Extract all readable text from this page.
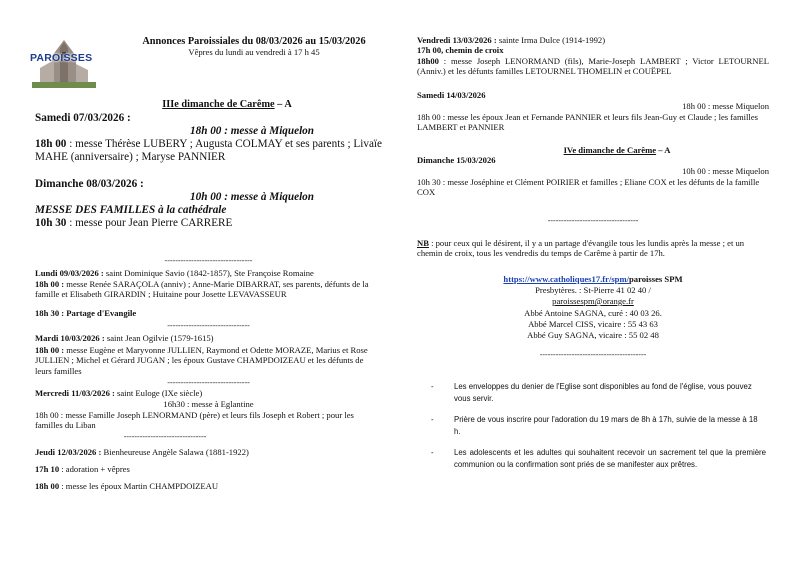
PAROISSES
Annonces Paroissiales du 08/03/2026 au 15/03/2026
Vêpres du lundi au vendredi à 17 h 45
IIIe dimanche de Carême – A
Samedi 07/03/2026 :
18h 00 : messe à Miquelon
18h 00 : messe Thérèse LUBERY ; Augusta COLMAY et ses parents ; Livaïe MAHE (anniversaire) ; Maryse PANNIER
Dimanche 08/03/2026 :
10h 00 : messe à Miquelon
MESSE DES FAMILLES à la cathédrale
10h 30 : messe pour Jean Pierre CARRERE
---------------------------------
Lundi 09/03/2026 : saint Dominique Savio (1842-1857), Ste Françoise Romaine
18h 00 : messe Renée SARAÇOLA (anniv) ; Anne-Marie DIBARRAT, ses parents, défunts de la famille et Elisabeth GIRARDIN ; Huitaine pour Josette LEVAVASSEUR
18h 30 : Partage d'Evangile
-------------------------------
Mardi 10/03/2026 : saint Jean Ogilvie (1579-1615)
18h 00 : messe Eugène et Maryvonne JULLIEN, Raymond et Odette MORAZE, Marius et Rose JULLIEN ; Michel et Gérard JUGAN ; les époux Gustave CHAMPDOIZEAU et les défunts de leurs familles
-------------------------------
Mercredi 11/03/2026 : saint Euloge (IXe siècle)
16h30 : messe à Eglantine
18h 00 : messe Famille Joseph LENORMAND (père) et leurs fils Joseph et Robert ; pour les familles du Liban
-------------------------------
Jeudi 12/03/2026 : Bienheureuse Angèle Salawa (1881-1922)
17h 10 : adoration + vêpres
18h 00 : messe les époux Martin CHAMPDOIZEAU
Vendredi 13/03/2026 : sainte Irma Dulce (1914-1992)
17h 00, chemin de croix
18h00 : messe Joseph LENORMAND (fils), Marie-Joseph LAMBERT ; Victor LETOURNEL (Anniv.) et les défunts familles LETOURNEL THOMELIN et COUËPEL
Samedi 14/03/2026
18h 00 : messe Miquelon
18h 00 : messe les époux Jean et Fernande PANNIER et leurs fils Jean-Guy et Claude ; les familles LAMBERT et PANNIER
IVe dimanche de Carême – A
Dimanche 15/03/2026
10h 00 : messe Miquelon
10h 30 : messe Joséphine et Clément POIRIER et familles ; Eliane COX et les défunts de la famille COX
----------------------------------
NB : pour ceux qui le désirent, il y a un partage d'évangile tous les lundis après la messe ; et un chemin de croix, tous les vendredis du temps de Carême à partir de 17h.
https://www.catholiques17.fr/spm/paroisses SPM
Presbytères. : St-Pierre 41 02 40 /
paroissespm@orange.fr
Abbé Antoine SAGNA, curé : 40 03 26.
Abbé Marcel CISS, vicaire : 55 43 63
Abbé Guy SAGNA, vicaire : 55 02 48
----------------------------------------
- Les enveloppes du denier de l'Eglise sont disponibles au fond de l'église, vous pouvez vous servir.
- Prière de vous inscrire pour l'adoration du 19 mars de 8h à 17h, suivie de la messe à 18 h.
- Les adolescents et les adultes qui souhaitent recevoir un sacrement tel que la première communion ou la confirmation sont priés de se manifester aux prêtres.
